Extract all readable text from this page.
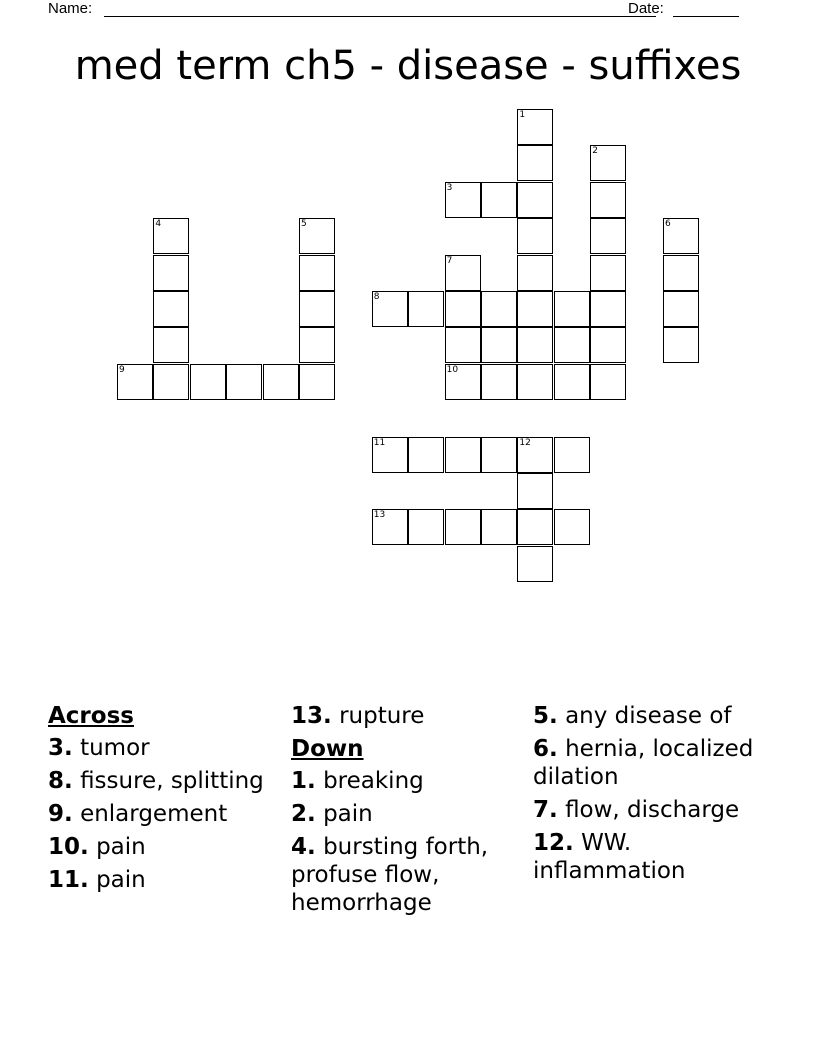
Name:	Date:
med term ch5 - disease - suffixes
1
2
3
4	5	6
7
8
9	10
11	12
13
Across
3. tumor
8. fissure, splitting
9. enlargement
10. pain
11. pain
13. rupture
Down
1. breaking
2. pain
4. bursting forth, profuse flow, hemorrhage
5. any disease of
6. hernia, localized dilation
7. flow, discharge
12. WW. inflammation
